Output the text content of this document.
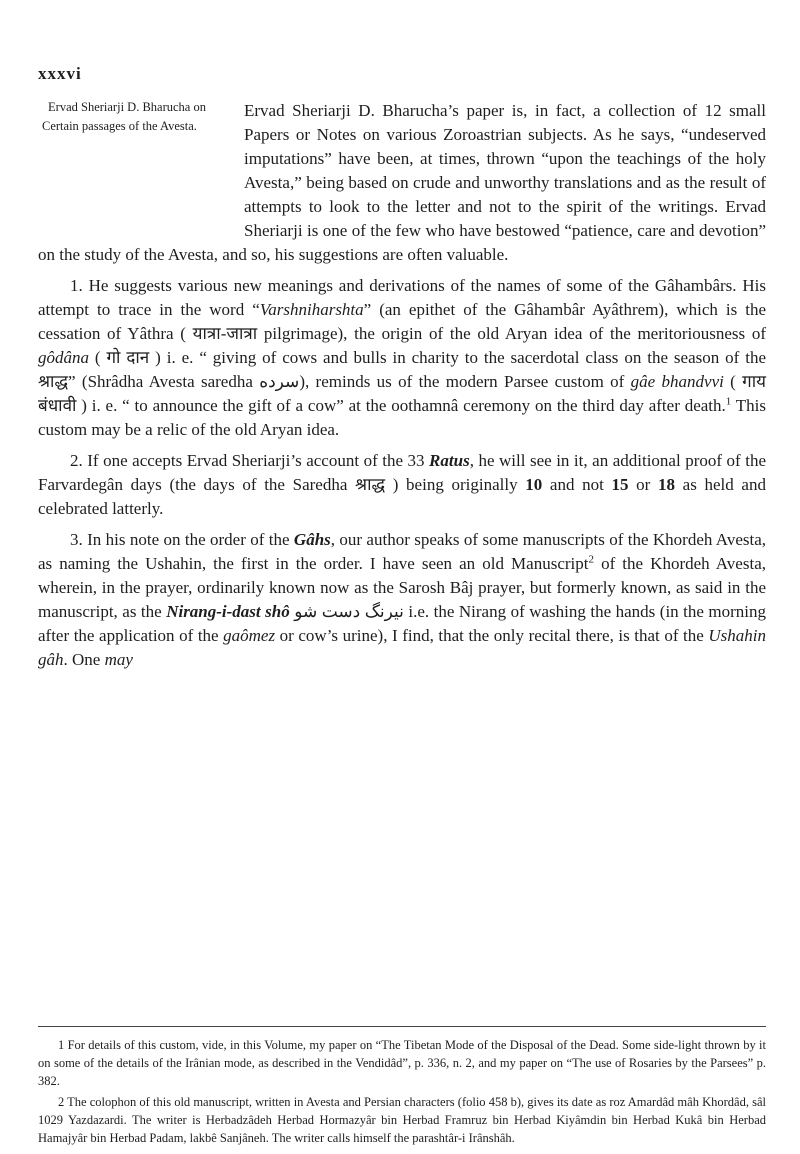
xxxvi

Ervad Sheriarji D. Bharucha on

Certain passages of the Avesta.

Ervad Sheriarji D. Bharucha’s paper is, in fact, a collection of 12 small Papers or Notes on various Zoroastrian subjects. As he says, “undeserved imputations” have been, at times, thrown “upon the teachings of the holy Avesta,” being based on crude and unworthy translations and as the result of attempts to look to the letter and not to the spirit of the writings. Ervad Sheriarji is one of the few who have bestowed “patience, care and devotion” on the study of the Avesta, and so, his suggestions are often valuable.

1. He suggests various new meanings and derivations of the names of some of the Gâhambârs. His attempt to trace in the word “Varshniharshta” (an epithet of the Gâhambâr Ayâthrem), which is the cessation of Yâthra ( यात्रा-जात्रा pilgrimage), the origin of the old Aryan idea of the meritoriousness of gôdâna ( गो दान ) i. e. “ giving of cows and bulls in charity to the sacerdotal class on the season of the श्राद्ध” (Shrâdha Avesta saredha سرده), reminds us of the modern Parsee custom of gâe bhandvvi ( गाय बंधावी ) i. e. “ to announce the gift of a cow” at the oothamnâ ceremony on the third day after death.$^1$ This custom may be a relic of the old Aryan idea.

2. If one accepts Ervad Sheriarji’s account of the 33 Ratus, he will see in it, an additional proof of the Farvardegân days (the days of the Saredha श्राद्ध ) being originally 10 and not 15 or 18 as held and celebrated latterly.

3. In his note on the order of the Gâhs, our author speaks of some manuscripts of the Khordeh Avesta, as naming the Ushahin, the first in the order. I have seen an old Manuscript$^2$ of the Khordeh Avesta, wherein, in the prayer, ordinarily known now as the Sarosh Bâj prayer, but formerly known, as said in the manuscript, as the Nirang-i-dast shô نیرنگ دست شو i.e. the Nirang of washing the hands (in the morning after the application of the gaômez or cow’s urine), I find, that the only recital there, is that of the Ushahin gâh. One may

1 For details of this custom, vide, in this Volume, my paper on “The Tibetan Mode of the Disposal of the Dead. Some side-light thrown by it on some of the details of the Irânian mode, as described in the Vendidâd”, p. 336, n. 2, and my paper on “The use of Rosaries by the Parsees” p. 382.

2 The colophon of this old manuscript, written in Avesta and Persian characters (folio 458 b), gives its date as roz Amardâd mâh Khordâd, sâl 1029 Yazdazardi. The writer is Herbadzâdeh Herbad Hormazyâr bin Herbad Framruz bin Herbad Kiyâmdin bin Herbad Kukâ bin Herbad Hamajyâr bin Herbad Padam, lakbê Sanjâneh. The writer calls himself the parashtâr-i Irânshâh.
